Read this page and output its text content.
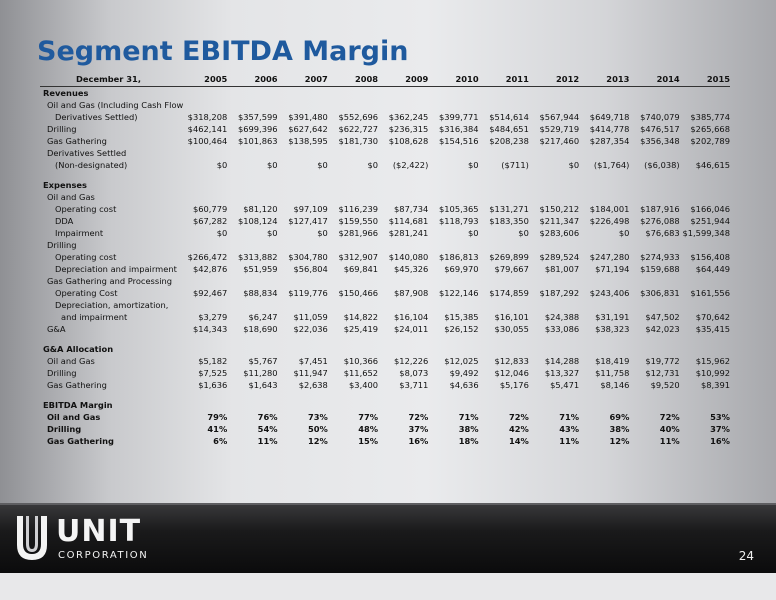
Segment EBITDA Margin
December 31,	2005	2006	2007	2008	2009	2010	2011	2012	2013	2014	2015
Revenues											
Oil and Gas (Including Cash Flow											
Derivatives Settled)	$318,208	$357,599	$391,480	$552,696	$362,245	$399,771	$514,614	$567,944	$649,718	$740,079	$385,774
Drilling	$462,141	$699,396	$627,642	$622,727	$236,315	$316,384	$484,651	$529,719	$414,778	$476,517	$265,668
Gas Gathering	$100,464	$101,863	$138,595	$181,730	$108,628	$154,516	$208,238	$217,460	$287,354	$356,348	$202,789
Derivatives Settled											
(Non-designated)	$0	$0	$0	$0	($2,422)	$0	($711)	$0	($1,764)	($6,038)	$46,615

Expenses											
Oil and Gas											
Operating cost	$60,779	$81,120	$97,109	$116,239	$87,734	$105,365	$131,271	$150,212	$184,001	$187,916	$166,046
DDA	$67,282	$108,124	$127,417	$159,550	$114,681	$118,793	$183,350	$211,347	$226,498	$276,088	$251,944
Impairment	$0	$0	$0	$281,966	$281,241	$0	$0	$283,606	$0	$76,683	$1,599,348
Drilling											
Operating cost	$266,472	$313,882	$304,780	$312,907	$140,080	$186,813	$269,899	$289,524	$247,280	$274,933	$156,408
Depreciation and impairment	$42,876	$51,959	$56,804	$69,841	$45,326	$69,970	$79,667	$81,007	$71,194	$159,688	$64,449
Gas Gathering and Processing											
Operating Cost	$92,467	$88,834	$119,776	$150,466	$87,908	$122,146	$174,859	$187,292	$243,406	$306,831	$161,556
Depreciation, amortization,											
and impairment	$3,279	$6,247	$11,059	$14,822	$16,104	$15,385	$16,101	$24,388	$31,191	$47,502	$70,642
G&A	$14,343	$18,690	$22,036	$25,419	$24,011	$26,152	$30,055	$33,086	$38,323	$42,023	$35,415

G&A Allocation											
Oil and Gas	$5,182	$5,767	$7,451	$10,366	$12,226	$12,025	$12,833	$14,288	$18,419	$19,772	$15,962
Drilling	$7,525	$11,280	$11,947	$11,652	$8,073	$9,492	$12,046	$13,327	$11,758	$12,731	$10,992
Gas Gathering	$1,636	$1,643	$2,638	$3,400	$3,711	$4,636	$5,176	$5,471	$8,146	$9,520	$8,391

EBITDA Margin											
Oil and Gas	79%	76%	73%	77%	72%	71%	72%	71%	69%	72%	53%
Drilling	41%	54%	50%	48%	37%	38%	42%	43%	38%	40%	37%
Gas Gathering	6%	11%	12%	15%	16%	18%	14%	11%	12%	11%	16%
UNIT
CORPORATION	24
